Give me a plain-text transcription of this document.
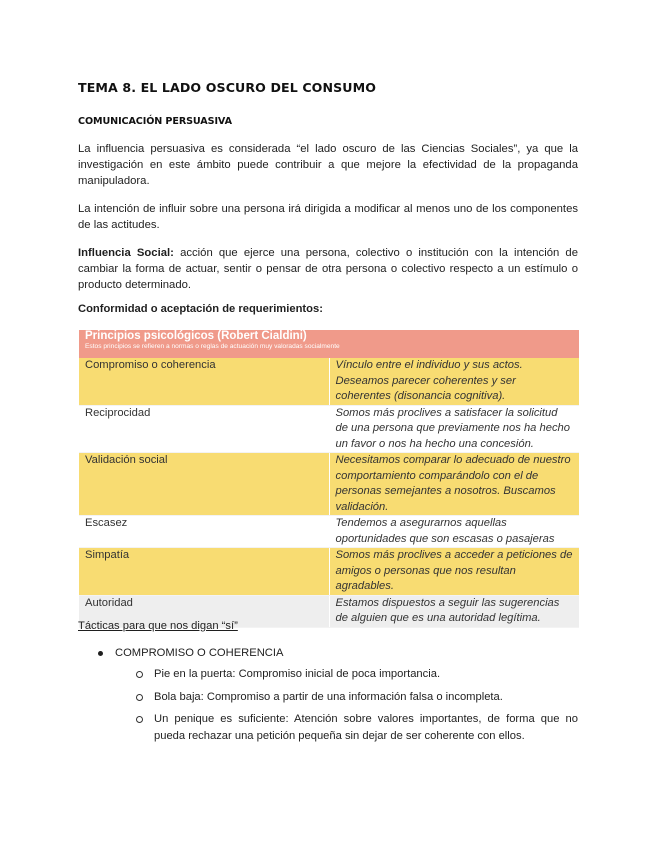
TEMA 8. EL LADO OSCURO DEL CONSUMO
COMUNICACIÓN PERSUASIVA

La influencia persuasiva es considerada “el lado oscuro de las Ciencias Sociales”, ya que la investigación en este ámbito puede contribuir a que mejore la efectividad de la propaganda manipuladora.

La intención de influir sobre una persona irá dirigida a modificar al menos uno de los componentes de las actitudes.

Influencia Social: acción que ejerce una persona, colectivo o institución con la intención de cambiar la forma de actuar, sentir o pensar de otra persona o colectivo respecto a un estímulo o producto determinado.

Conformidad o aceptación de requerimientos:
Principios psicológicos (Robert Cialdini)
Estos principios se refieren a normas o reglas de actuación muy valoradas socialmente	

Compromiso o coherencia	Vínculo entre el individuo y sus actos. Deseamos parecer coherentes y ser coherentes (disonancia cognitiva).
Reciprocidad	Somos más proclives a satisfacer la solicitud de una persona que previamente nos ha hecho un favor o nos ha hecho una concesión.
Validación social	Necesitamos comparar lo adecuado de nuestro comportamiento comparándolo con el de personas semejantes a nosotros. Buscamos validación.
Escasez	Tendemos a asegurarnos aquellas oportunidades que son escasas o pasajeras
Simpatía	Somos más proclives a acceder a peticiones de amigos o personas que nos resultan agradables.
Autoridad	Estamos dispuestos a seguir las sugerencias de alguien que es una autoridad legítima.
Tácticas para que nos digan “sí”
COMPROMISO O COHERENCIA
Pie en la puerta: Compromiso inicial de poca importancia.
Bola baja: Compromiso a partir de una información falsa o incompleta.
Un penique es suficiente: Atención sobre valores importantes, de forma que no pueda rechazar una petición pequeña sin dejar de ser coherente con ellos.
